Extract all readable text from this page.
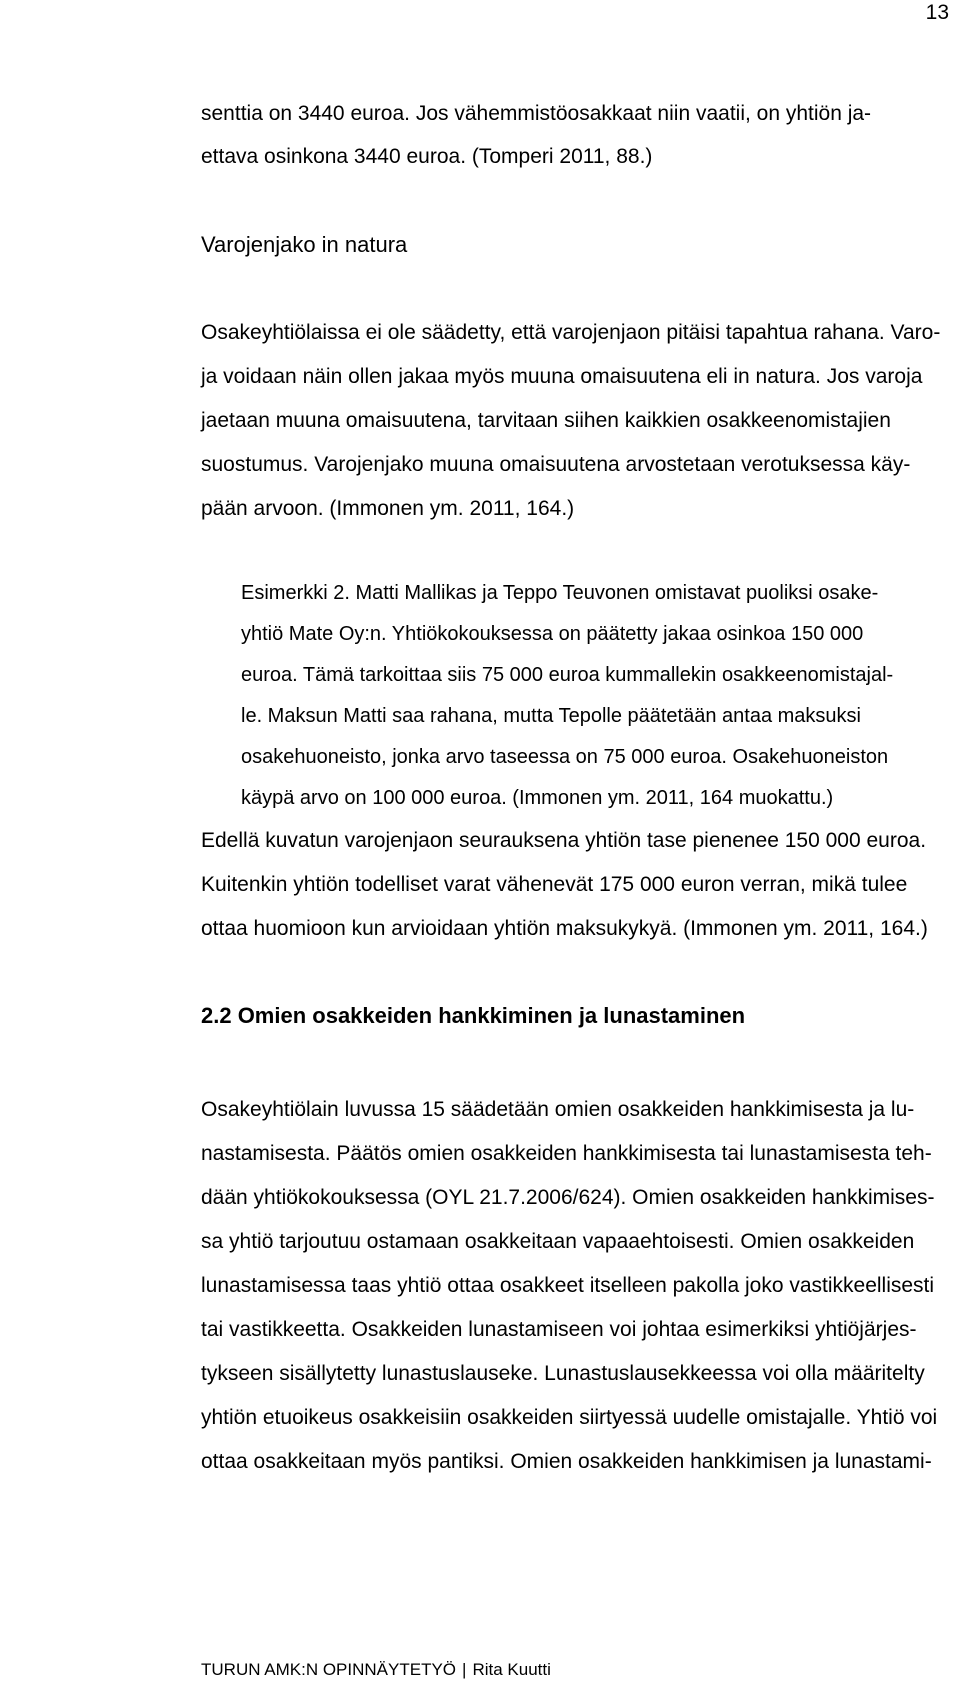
13
senttia on 3440 euroa. Jos vähemmistöosakkaat niin vaatii, on yhtiön ja-
ettava osinkona 3440 euroa. (Tomperi 2011, 88.)
Varojenjako in natura
Osakeyhtiölaissa ei ole säädetty, että varojenjaon pitäisi tapahtua rahana. Varo-
ja voidaan näin ollen jakaa myös muuna omaisuutena eli in natura. Jos varoja
jaetaan muuna omaisuutena, tarvitaan siihen kaikkien osakkeenomistajien
suostumus. Varojenjako muuna omaisuutena arvostetaan verotuksessa käy-
pään arvoon. (Immonen ym. 2011, 164.)
Esimerkki 2. Matti Mallikas ja Teppo Teuvonen omistavat puoliksi osake-
yhtiö Mate Oy:n. Yhtiökokouksessa on päätetty jakaa osinkoa 150 000
euroa. Tämä tarkoittaa siis 75 000 euroa kummallekin osakkeenomistajal-
le. Maksun Matti saa rahana, mutta Tepolle päätetään antaa maksuksi
osakehuoneisto, jonka arvo taseessa on 75 000 euroa. Osakehuoneiston
käypä arvo on 100 000 euroa. (Immonen ym. 2011, 164 muokattu.)
Edellä kuvatun varojenjaon seurauksena yhtiön tase pienenee 150 000 euroa.
Kuitenkin yhtiön todelliset varat vähenevät 175 000 euron verran, mikä tulee
ottaa huomioon kun arvioidaan yhtiön maksukykyä. (Immonen ym. 2011, 164.)
2.2 Omien osakkeiden hankkiminen ja lunastaminen
Osakeyhtiölain luvussa 15 säädetään omien osakkeiden hankkimisesta ja lu-
nastamisesta. Päätös omien osakkeiden hankkimisesta tai lunastamisesta teh-
dään yhtiökokouksessa (OYL 21.7.2006/624). Omien osakkeiden hankkimises-
sa yhtiö tarjoutuu ostamaan osakkeitaan vapaaehtoisesti. Omien osakkeiden
lunastamisessa taas yhtiö ottaa osakkeet itselleen pakolla joko vastikkeellisesti
tai vastikkeetta. Osakkeiden lunastamiseen voi johtaa esimerkiksi yhtiöjärjes-
tykseen sisällytetty lunastuslauseke. Lunastuslausekkeessa voi olla määritelty
yhtiön etuoikeus osakkeisiin osakkeiden siirtyessä uudelle omistajalle. Yhtiö voi
ottaa osakkeitaan myös pantiksi. Omien osakkeiden hankkimisen ja lunastami-
TURUN AMK:N OPINNÄYTETYÖ | Rita Kuutti
